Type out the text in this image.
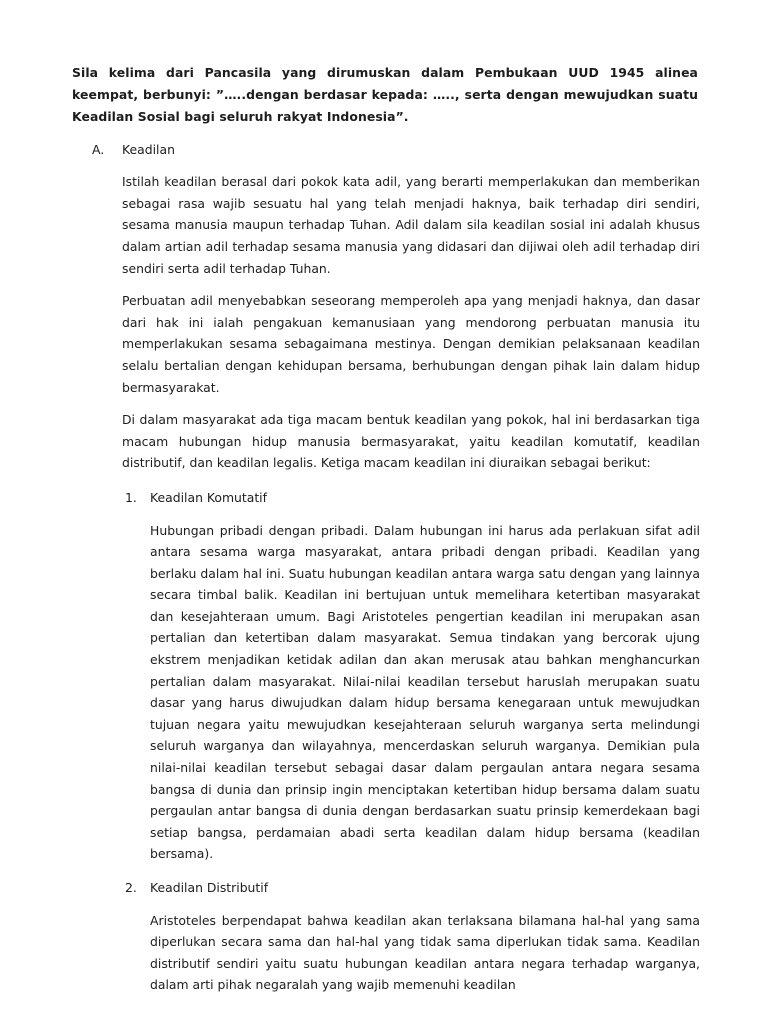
Sila kelima dari Pancasila yang dirumuskan dalam Pembukaan UUD 1945 alinea keempat, berbunyi: ”…..dengan berdasar kepada: ….., serta dengan mewujudkan suatu Keadilan Sosial bagi seluruh rakyat Indonesia”.

A. Keadilan

Istilah keadilan berasal dari pokok kata adil, yang berarti memperlakukan dan memberikan sebagai rasa wajib sesuatu hal yang telah menjadi haknya, baik terhadap diri sendiri, sesama manusia maupun terhadap Tuhan. Adil dalam sila keadilan sosial ini adalah khusus dalam artian adil terhadap sesama manusia yang didasari dan dijiwai oleh adil terhadap diri sendiri serta adil terhadap Tuhan.

Perbuatan adil menyebabkan seseorang memperoleh apa yang menjadi haknya, dan dasar dari hak ini ialah pengakuan kemanusiaan yang mendorong perbuatan manusia itu memperlakukan sesama sebagaimana mestinya. Dengan demikian pelaksanaan keadilan selalu bertalian dengan kehidupan bersama, berhubungan dengan pihak lain dalam hidup bermasyarakat.

Di dalam masyarakat ada tiga macam bentuk keadilan yang pokok, hal ini berdasarkan tiga macam hubungan hidup manusia bermasyarakat, yaitu keadilan komutatif, keadilan distributif, dan keadilan legalis. Ketiga macam keadilan ini diuraikan sebagai berikut:

1. Keadilan Komutatif

Hubungan pribadi dengan pribadi. Dalam hubungan ini harus ada perlakuan sifat adil antara sesama warga masyarakat, antara pribadi dengan pribadi. Keadilan yang berlaku dalam hal ini. Suatu hubungan keadilan antara warga satu dengan yang lainnya secara timbal balik. Keadilan ini bertujuan untuk memelihara ketertiban masyarakat dan kesejahteraan umum. Bagi Aristoteles pengertian keadilan ini merupakan asan pertalian dan ketertiban dalam masyarakat. Semua tindakan yang bercorak ujung ekstrem menjadikan ketidak adilan dan akan merusak atau bahkan menghancurkan pertalian dalam masyarakat. Nilai-nilai keadilan tersebut haruslah merupakan suatu dasar yang harus diwujudkan dalam hidup bersama kenegaraan untuk mewujudkan tujuan negara yaitu mewujudkan kesejahteraan seluruh warganya serta melindungi seluruh warganya dan wilayahnya, mencerdaskan seluruh warganya. Demikian pula nilai-nilai keadilan tersebut sebagai dasar dalam pergaulan antara negara sesama bangsa di dunia dan prinsip ingin menciptakan ketertiban hidup bersama dalam suatu pergaulan antar bangsa di dunia dengan berdasarkan suatu prinsip kemerdekaan bagi setiap bangsa, perdamaian abadi serta keadilan dalam hidup bersama (keadilan bersama).

2. Keadilan Distributif

Aristoteles berpendapat bahwa keadilan akan terlaksana bilamana hal-hal yang sama diperlukan secara sama dan hal-hal yang tidak sama diperlukan tidak sama. Keadilan distributif sendiri yaitu suatu hubungan keadilan antara negara terhadap warganya, dalam arti pihak negaralah yang wajib memenuhi keadilan
